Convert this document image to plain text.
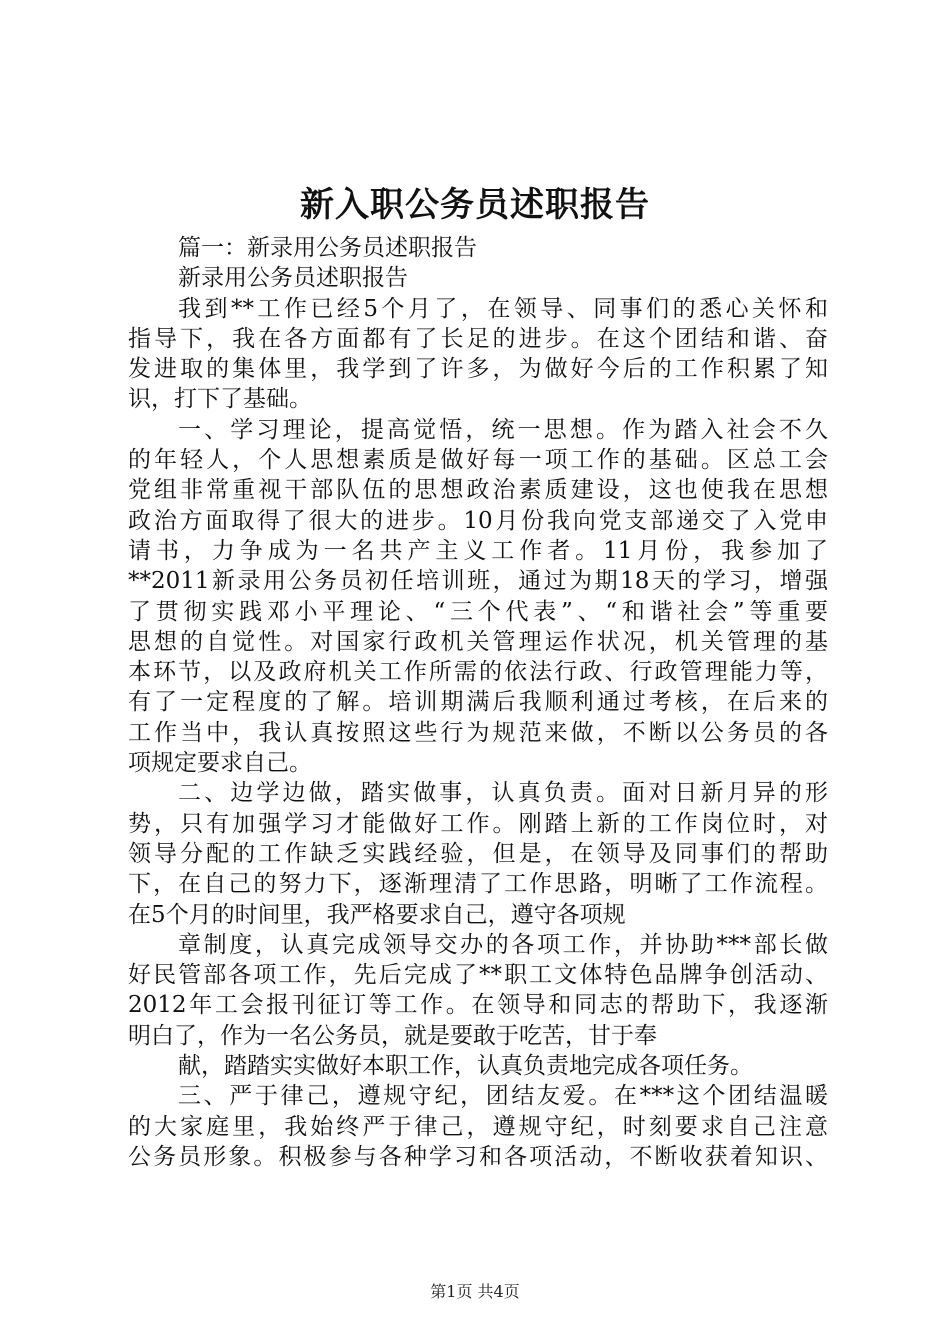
新入职公务员述职报告
篇一：新录用公务员述职报告
新录用公务员述职报告
我到**工作已经5个月了，在领导、同事们的悉心关怀和
指导下，我在各方面都有了长足的进步。在这个团结和谐、奋
发进取的集体里，我学到了许多，为做好今后的工作积累了知
识，打下了基础。
一、学习理论，提高觉悟，统一思想。作为踏入社会不久
的年轻人，个人思想素质是做好每一项工作的基础。区总工会
党组非常重视干部队伍的思想政治素质建设，这也使我在思想
政治方面取得了很大的进步。10月份我向党支部递交了入党申
请书，力争成为一名共产主义工作者。11月份，我参加了
**2011新录用公务员初任培训班，通过为期18天的学习，增强
了贯彻实践邓小平理论、“三个代表”、“和谐社会”等重要
思想的自觉性。对国家行政机关管理运作状况，机关管理的基
本环节，以及政府机关工作所需的依法行政、行政管理能力等，
有了一定程度的了解。培训期满后我顺利通过考核，在后来的
工作当中，我认真按照这些行为规范来做，不断以公务员的各
项规定要求自己。
二、边学边做，踏实做事，认真负责。面对日新月异的形
势，只有加强学习才能做好工作。刚踏上新的工作岗位时，对
领导分配的工作缺乏实践经验，但是，在领导及同事们的帮助
下，在自己的努力下，逐渐理清了工作思路，明晰了工作流程。
在5个月的时间里，我严格要求自己，遵守各项规
章制度，认真完成领导交办的各项工作，并协助***部长做
好民管部各项工作，先后完成了**职工文体特色品牌争创活动、
2012年工会报刊征订等工作。在领导和同志的帮助下，我逐渐
明白了，作为一名公务员，就是要敢于吃苦，甘于奉
献，踏踏实实做好本职工作，认真负责地完成各项任务。
三、严于律己，遵规守纪，团结友爱。在***这个团结温暖
的大家庭里，我始终严于律己，遵规守纪，时刻要求自己注意
公务员形象。积极参与各种学习和各项活动，不断收获着知识、
第1页 共4页
